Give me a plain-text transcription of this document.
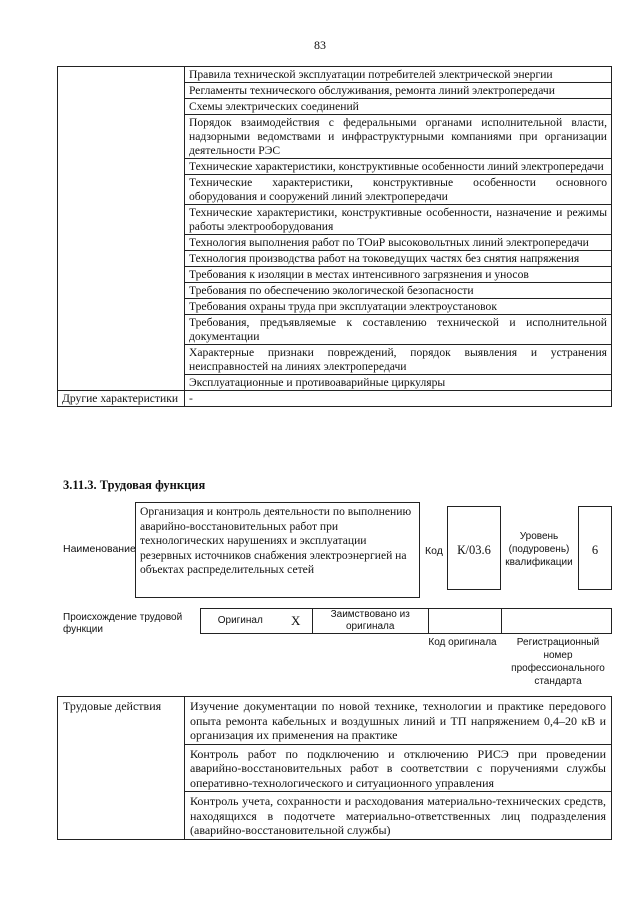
83
	Правила технической эксплуатации потребителей электрической энергии
	Регламенты технического обслуживания, ремонта линий электропередачи
	Схемы электрических соединений
	Порядок взаимодействия с федеральными органами исполнительной власти, надзорными ведомствами и инфраструктурными компаниями при организации деятельности РЭС
	Технические характеристики, конструктивные особенности линий электропередачи
	Технические характеристики, конструктивные особенности основного оборудования и сооружений линий электропередачи
	Технические характеристики, конструктивные особенности, назначение и режимы работы электрооборудования
	Технология выполнения работ по ТОиР высоковольтных линий электропередачи
	Технология производства работ на токоведущих частях без снятия напряжения
	Требования к изоляции в местах интенсивного загрязнения и уносов
	Требования по обеспечению экологической безопасности
	Требования охраны труда при эксплуатации электроустановок
	Требования, предъявляемые к составлению технической и исполнительной документации
	Характерные признаки повреждений, порядок выявления и устранения неисправностей на линиях электропередачи
	Эксплуатационные и противоаварийные циркуляры
Другие характеристики	-
3.11.3. Трудовая функция
Наименование
Организация и контроль деятельности по выполнению аварийно-восстановительных работ при технологических нарушениях и эксплуатации резервных источников снабжения электроэнергией на объектах распределительных сетей
Код	К/03.6
Уровень (подуровень) квалификации
6
Происхождение трудовой функции
Оригинал	X	Заимствовано из оригинала		
Код оригинала	Регистрационный номер профессионального стандарта
Трудовые действия	Изучение документации по новой технике, технологии и практике передового опыта ремонта кабельных и воздушных линий и ТП напряжением 0,4–20 кВ и организация их применения на практике
Контроль работ по подключению и отключению РИСЭ при проведении аварийно-восстановительных работ в соответствии с поручениями службы оперативно-технологического и ситуационного управления
Контроль учета, сохранности и расходования материально-технических средств, находящихся в подотчете материально-ответственных лиц подразделения (аварийно-восстановительной службы)
